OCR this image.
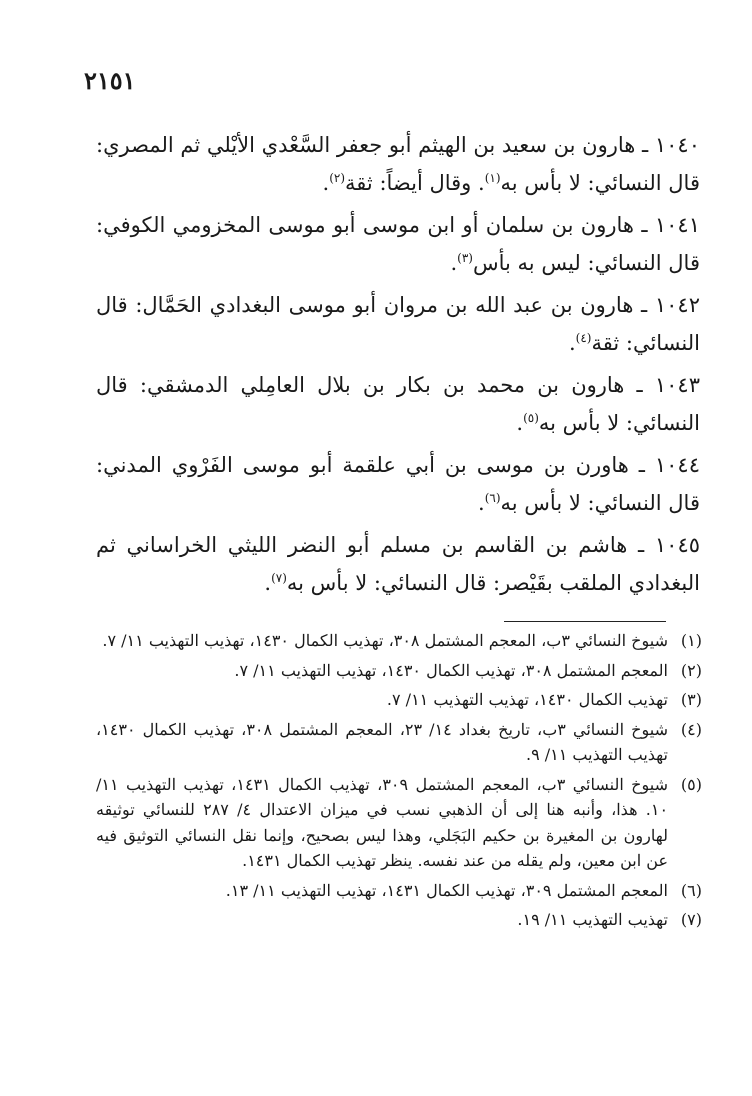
٢١٥١
١٠٤٠ ـ هارون بن سعيد بن الهيثم أبو جعفر السَّعْدي الأيْلي ثم المصري: قال النسائي: لا بأس به$^{(١)}$. وقال أيضاً: ثقة$^{(٢)}$.
١٠٤١ ـ هارون بن سلمان أو ابن موسى أبو موسى المخزومي الكوفي: قال النسائي: ليس به بأس$^{(٣)}$.
١٠٤٢ ـ هارون بن عبد الله بن مروان أبو موسى البغدادي الحَمَّال: قال النسائي: ثقة$^{(٤)}$.
١٠٤٣ ـ هارون بن محمد بن بكار بن بلال العامِلي الدمشقي: قال النسائي: لا بأس به$^{(٥)}$.
١٠٤٤ ـ هاورن بن موسى بن أبي علقمة أبو موسى الفَرْوي المدني: قال النسائي: لا بأس به$^{(٦)}$.
١٠٤٥ ـ هاشم بن القاسم بن مسلم أبو النضر الليثي الخراساني ثم البغدادي الملقب بقَيْصر: قال النسائي: لا بأس به$^{(٧)}$.
(١)
شيوخ النسائي ٣ب، المعجم المشتمل ٣٠٨، تهذيب الكمال ١٤٣٠، تهذيب التهذيب ١١/ ٧.
(٢)
المعجم المشتمل ٣٠٨، تهذيب الكمال ١٤٣٠، تهذيب التهذيب ١١/ ٧.
(٣)
تهذيب الكمال ١٤٣٠، تهذيب التهذيب ١١/ ٧.
(٤)
شيوخ النسائي ٣ب، تاريخ بغداد ١٤/ ٢٣، المعجم المشتمل ٣٠٨، تهذيب الكمال ١٤٣٠، تهذيب التهذيب ١١/ ٩.
(٥)
شيوخ النسائي ٣ب، المعجم المشتمل ٣٠٩، تهذيب الكمال ١٤٣١، تهذيب التهذيب ١١/ ١٠. هذا، وأنبه هنا إلى أن الذهبي نسب في ميزان الاعتدال ٤/ ٢٨٧ للنسائي توثيقه لهارون بن المغيرة بن حكيم البَجَلي، وهذا ليس بصحيح، وإنما نقل النسائي التوثيق فيه عن ابن معين، ولم يقله من عند نفسه. ينظر تهذيب الكمال ١٤٣١.
(٦)
المعجم المشتمل ٣٠٩، تهذيب الكمال ١٤٣١، تهذيب التهذيب ١١/ ١٣.
(٧)
تهذيب التهذيب ١١/ ١٩.
